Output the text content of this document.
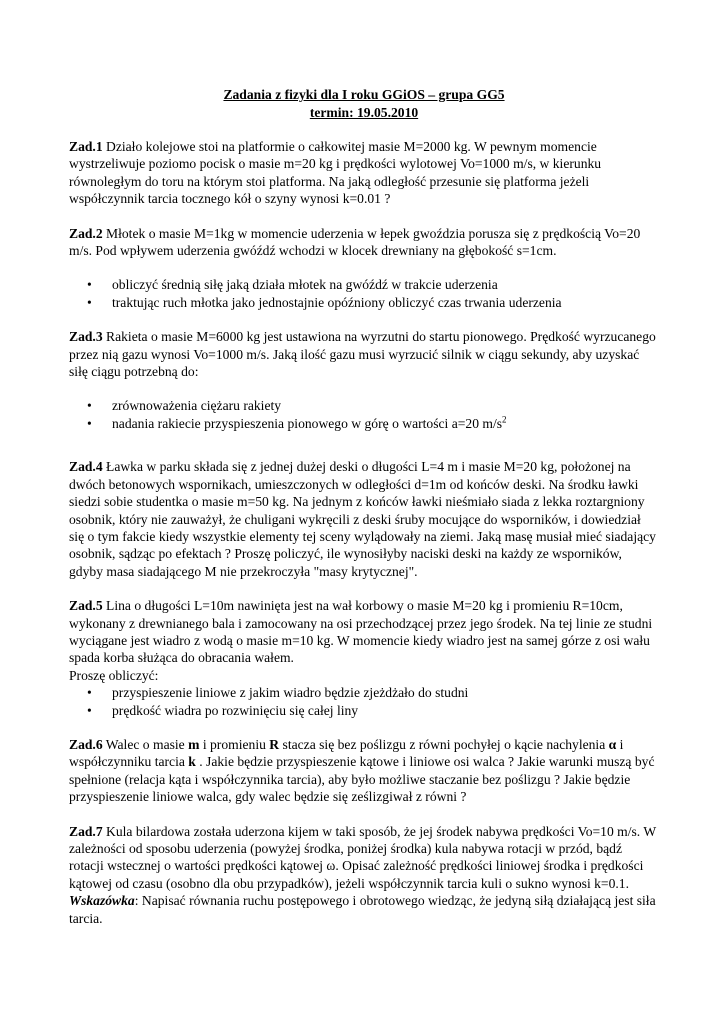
Zadania z fizyki dla I roku GGiOS – grupa GG5
termin: 19.05.2010

Zad.1 Działo kolejowe stoi na platformie o całkowitej masie M=2000 kg. W pewnym momencie wystrzeliwuje poziomo pocisk o masie m=20 kg i prędkości wylotowej Vo=1000 m/s, w kierunku równoległym do toru na którym stoi platforma. Na jaką odległość przesunie się platforma jeżeli współczynnik tarcia tocznego kół o szyny wynosi k=0.01 ?

Zad.2 Młotek o masie M=1kg w momencie uderzenia w łepek gwoździa porusza się z prędkością Vo=20 m/s. Pod wpływem uderzenia gwóźdź wchodzi w klocek drewniany na głębokość s=1cm.

• obliczyć średnią siłę jaką działa młotek na gwóźdź w trakcie uderzenia
• traktując ruch młotka jako jednostajnie opóźniony obliczyć czas trwania uderzenia

Zad.3 Rakieta o masie M=6000 kg jest ustawiona na wyrzutni do startu pionowego. Prędkość wyrzucanego przez nią gazu wynosi Vo=1000 m/s. Jaką ilość gazu musi wyrzucić silnik w ciągu sekundy, aby uzyskać siłę ciągu potrzebną do:

• zrównoważenia ciężaru rakiety
• nadania rakiecie przyspieszenia pionowego w górę o wartości a=20 $m/s^2$

Zad.4 Ławka w parku składa się z jednej dużej deski o długości L=4 m i masie M=20 kg, położonej na dwóch betonowych wspornikach, umieszczonych w odległości d=1m od końców deski. Na środku ławki siedzi sobie studentka o masie m=50 kg. Na jednym z końców ławki nieśmiało siada z lekka roztargniony osobnik, który nie zauważył, że chuligani wykręcili z deski śruby mocujące do wsporników, i dowiedział się o tym fakcie kiedy wszystkie elementy tej sceny wylądowały na ziemi. Jaką masę musiał mieć siadający osobnik, sądząc po efektach ? Proszę policzyć, ile wynosiłyby naciski deski na każdy ze wsporników, gdyby masa siadającego M nie przekroczyła "masy krytycznej".

Zad.5 Lina o długości L=10m nawinięta jest na wał korbowy o masie M=20 kg i promieniu R=10cm, wykonany z drewnianego bala i zamocowany na osi przechodzącej przez jego środek. Na tej linie ze studni wyciągane jest wiadro z wodą o masie m=10 kg. W momencie kiedy wiadro jest na samej górze z osi wału spada korba służąca do obracania wałem.

Proszę obliczyć:

• przyspieszenie liniowe z jakim wiadro będzie zjeżdżało do studni
• prędkość wiadra po rozwinięciu się całej liny

Zad.6 Walec o masie m i promieniu R stacza się bez poślizgu z równi pochyłej o kącie nachylenia α i współczynniku tarcia k . Jakie będzie przyspieszenie kątowe i liniowe osi walca ? Jakie warunki muszą być spełnione (relacja kąta i współczynnika tarcia), aby było możliwe staczanie bez poślizgu ? Jakie będzie przyspieszenie liniowe walca, gdy walec będzie się ześlizgiwał z równi ?

Zad.7 Kula bilardowa została uderzona kijem w taki sposób, że jej środek nabywa prędkości Vo=10 m/s. W zależności od sposobu uderzenia (powyżej środka, poniżej środka) kula nabywa rotacji w przód, bądź rotacji wstecznej o wartości prędkości kątowej ω. Opisać zależność prędkości liniowej środka i prędkości kątowej od czasu (osobno dla obu przypadków), jeżeli współczynnik tarcia kuli o sukno wynosi k=0.1. Wskazówka: Napisać równania ruchu postępowego i obrotowego wiedząc, że jedyną siłą działającą jest siła tarcia.
